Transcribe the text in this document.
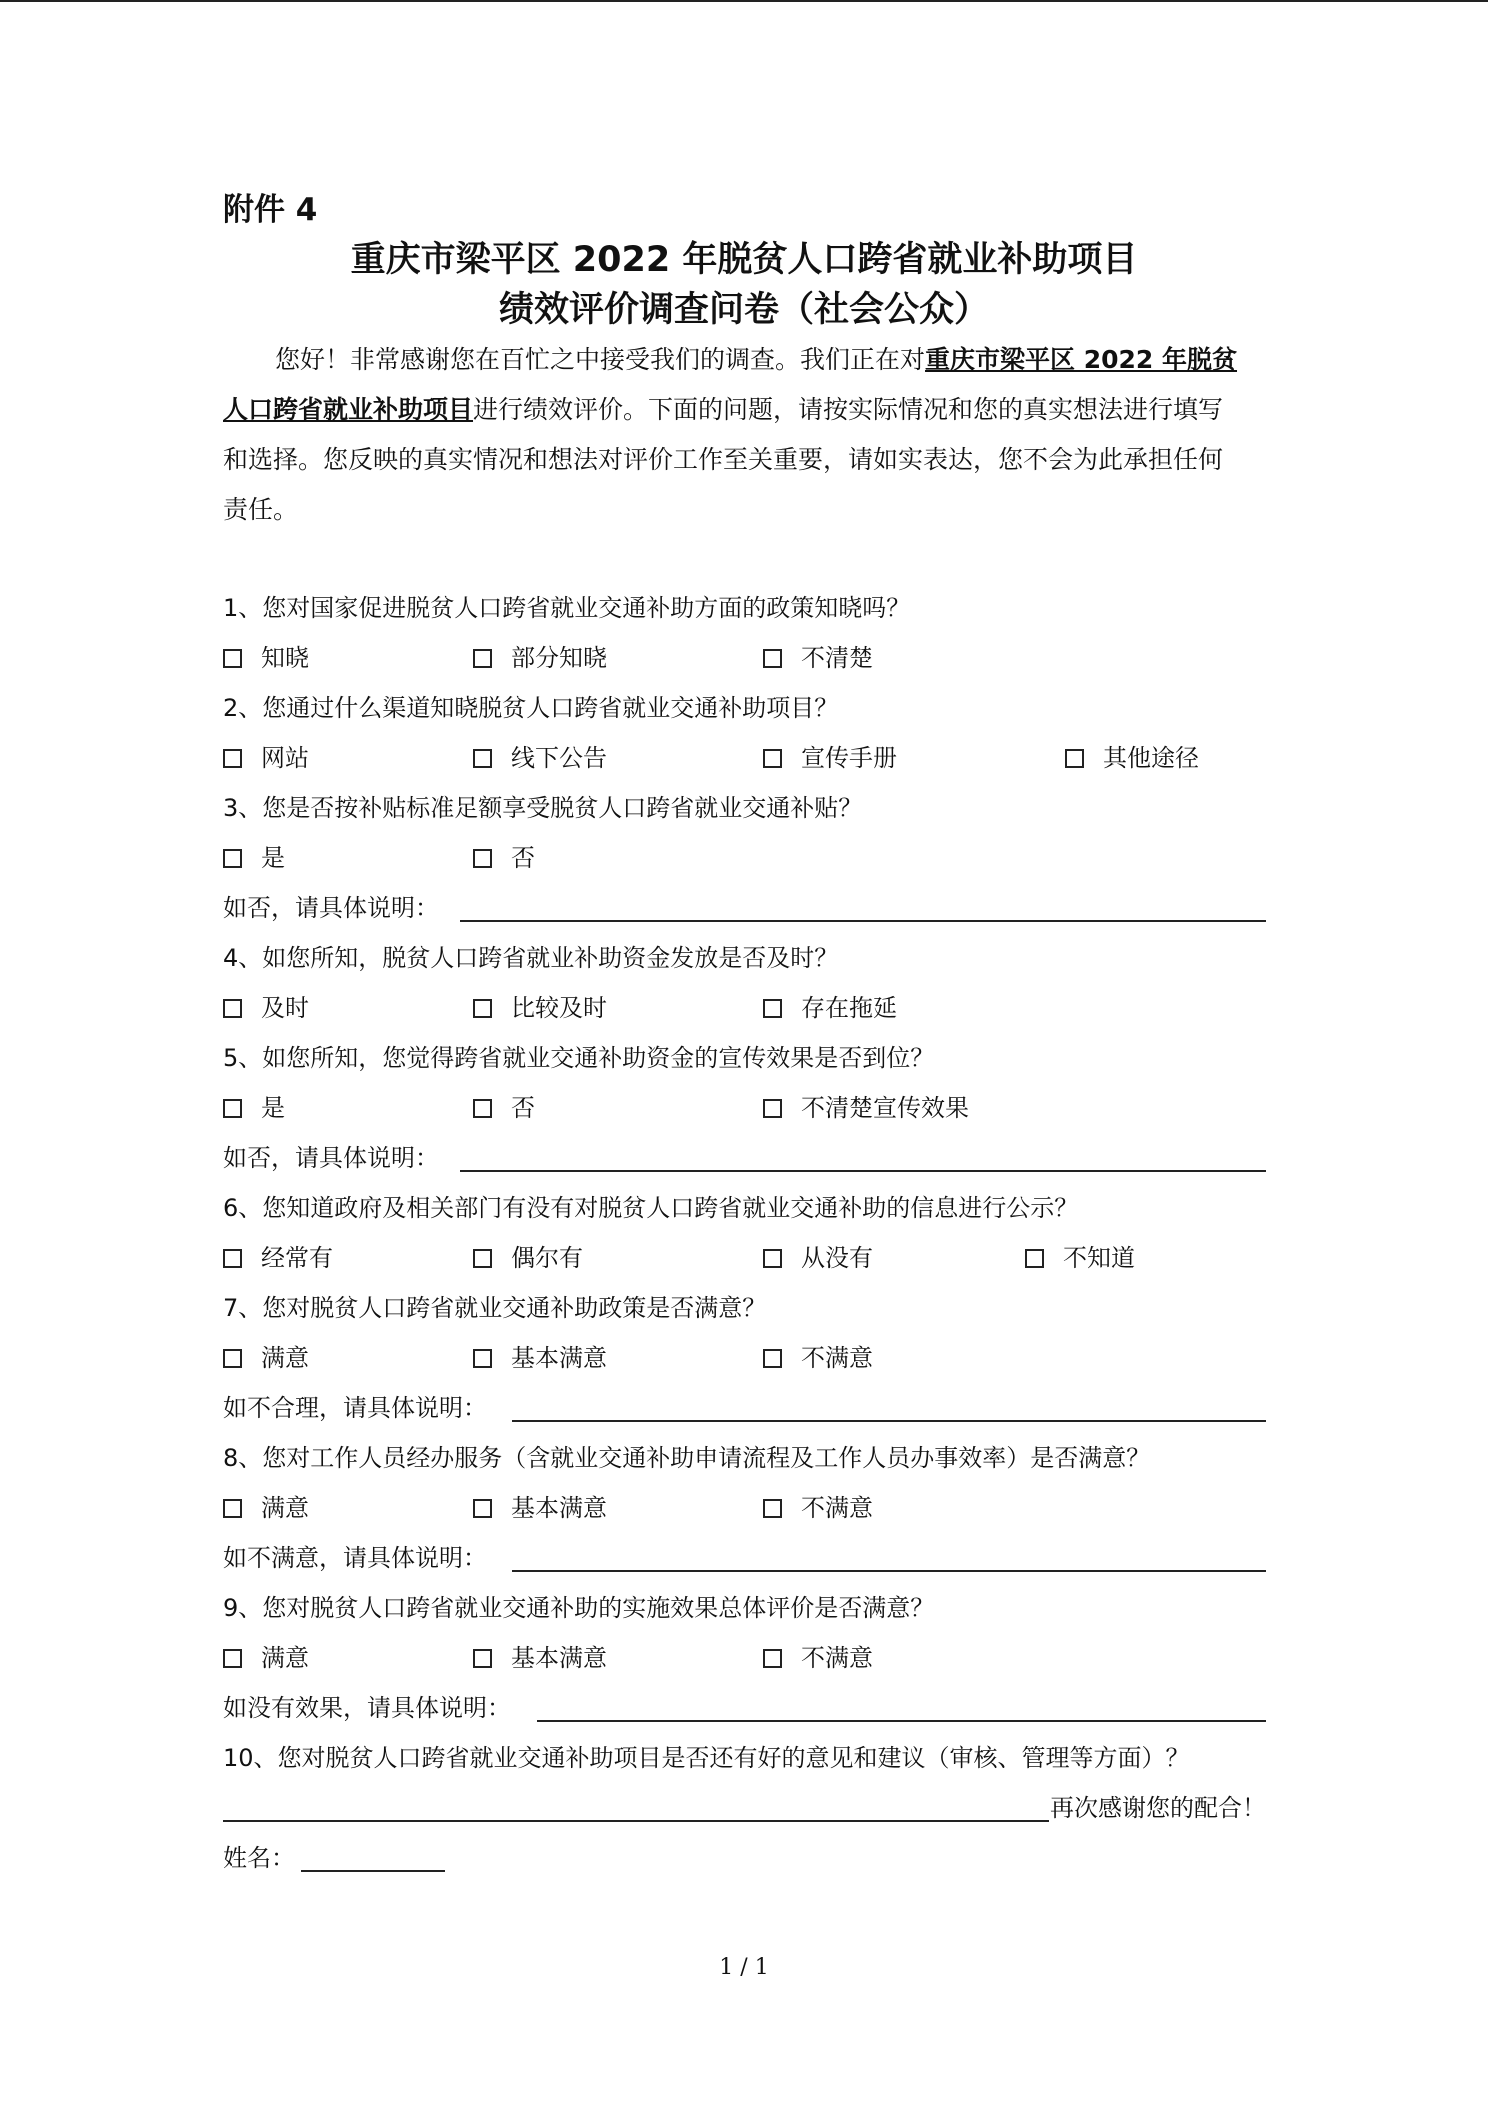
附件 4
重庆市梁平区 2022 年脱贫人口跨省就业补助项目
绩效评价调查问卷（社会公众）
您好！非常感谢您在百忙之中接受我们的调查。我们正在对重庆市梁平区 2022 年脱贫
人口跨省就业补助项目进行绩效评价。下面的问题，请按实际情况和您的真实想法进行填写
和选择。您反映的真实情况和想法对评价工作至关重要，请如实表达，您不会为此承担任何
责任。
1、您对国家促进脱贫人口跨省就业交通补助方面的政策知晓吗？
知晓	部分知晓	不清楚
2、您通过什么渠道知晓脱贫人口跨省就业交通补助项目？
网站	线下公告	宣传手册	其他途径
3、您是否按补贴标准足额享受脱贫人口跨省就业交通补贴？
是	否
如否，请具体说明：
4、如您所知，脱贫人口跨省就业补助资金发放是否及时？
及时	比较及时	存在拖延
5、如您所知，您觉得跨省就业交通补助资金的宣传效果是否到位？
是	否	不清楚宣传效果
如否，请具体说明：
6、您知道政府及相关部门有没有对脱贫人口跨省就业交通补助的信息进行公示？
经常有	偶尔有	从没有	不知道
7、您对脱贫人口跨省就业交通补助政策是否满意？
满意	基本满意	不满意
如不合理，请具体说明：
8、您对工作人员经办服务（含就业交通补助申请流程及工作人员办事效率）是否满意？
满意	基本满意	不满意
如不满意，请具体说明：
9、您对脱贫人口跨省就业交通补助的实施效果总体评价是否满意？
满意	基本满意	不满意
如没有效果，请具体说明：
10、您对脱贫人口跨省就业交通补助项目是否还有好的意见和建议（审核、管理等方面）？
再次感谢您的配合！
姓名：
1 / 1
